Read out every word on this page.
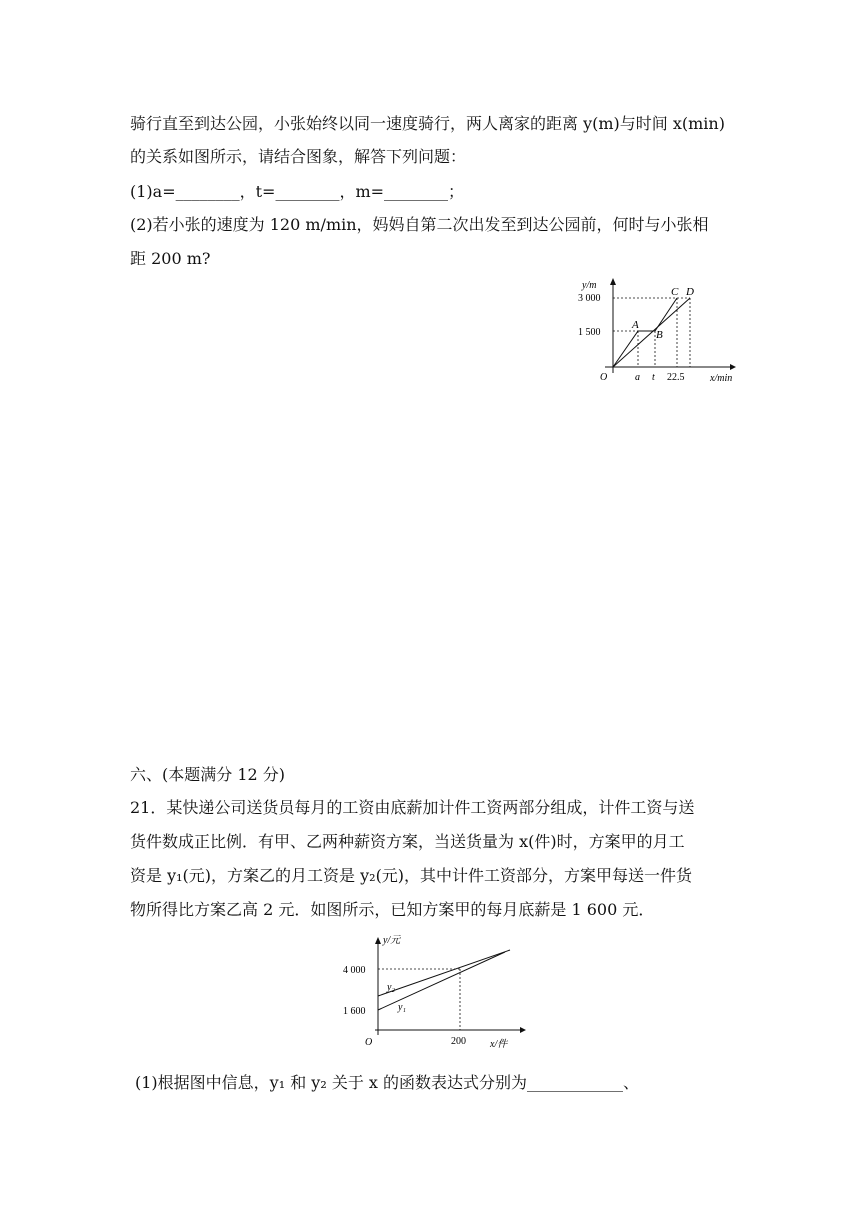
骑行直至到达公园，小张始终以同一速度骑行，两人离家的距离 y(m)与时间 x(min)
的关系如图所示，请结合图象，解答下列问题：
(1)a=________，t=________，m=________；
(2)若小张的速度为 120 m/min，妈妈自第二次出发至到达公园前，何时与小张相
距 200 m?
y/m
x/min
O
3 000
1 500
a t 22.5
A
B
C D
六、(本题满分 12 分)
21．某快递公司送货员每月的工资由底薪加计件工资两部分组成，计件工资与送
货件数成正比例．有甲、乙两种薪资方案，当送货量为 x(件)时，方案甲的月工
资是 y₁(元)，方案乙的月工资是 y₂(元)，其中计件工资部分，方案甲每送一件货
物所得比方案乙高 2 元．如图所示，已知方案甲的每月底薪是 1 600 元．
y/元
x/件
O
4 000
1 600
200
y₂
y₁
(1)根据图中信息，y₁ 和 y₂ 关于 x 的函数表达式分别为____________、
